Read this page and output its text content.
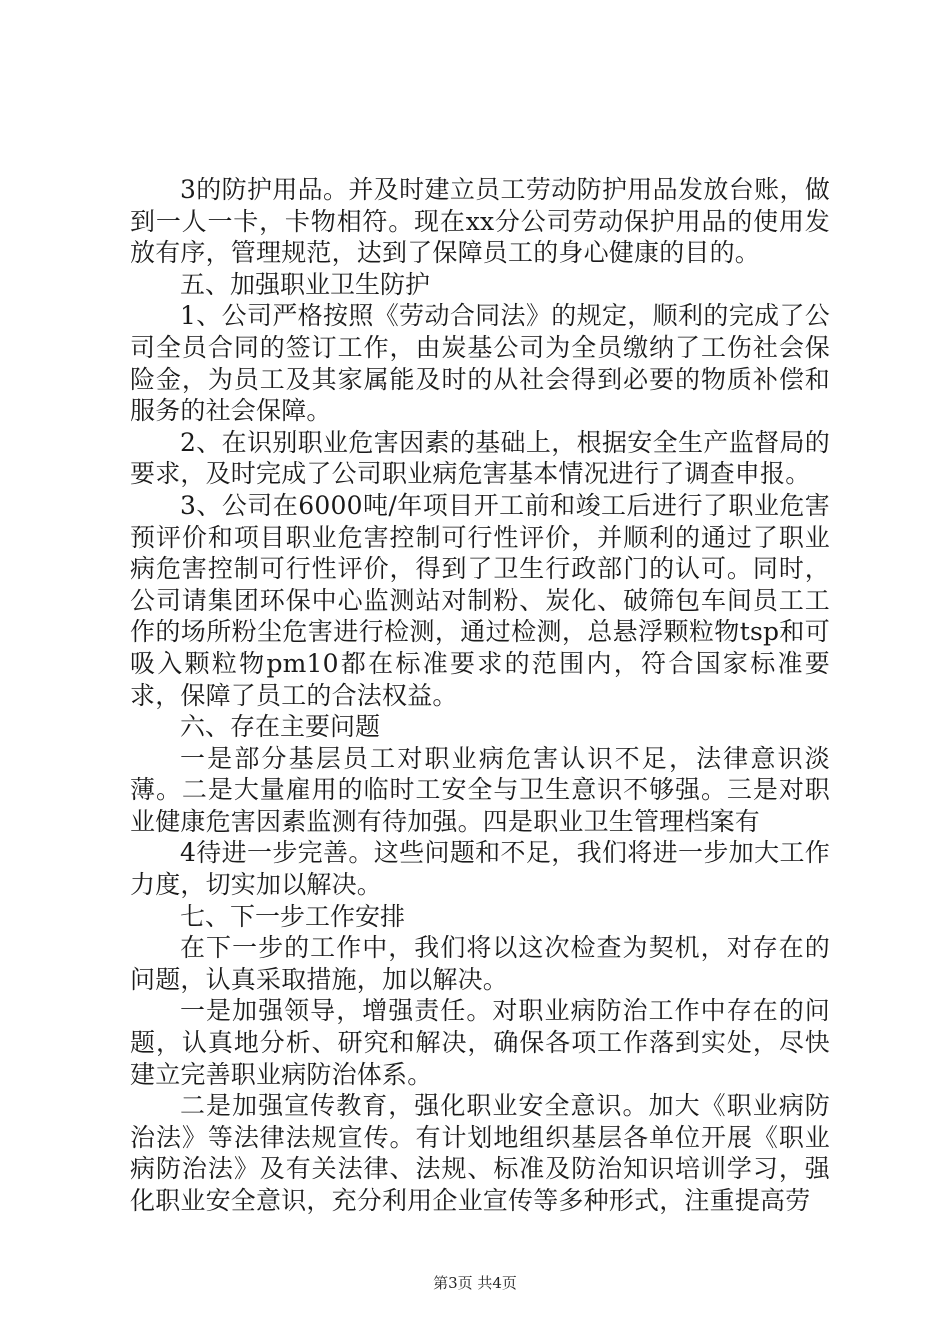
3的防护用品。并及时建立员工劳动防护用品发放台账，做到一人一卡，卡物相符。现在xx分公司劳动保护用品的使用发放有序，管理规范，达到了保障员工的身心健康的目的。

五、加强职业卫生防护

1、公司严格按照《劳动合同法》的规定，顺利的完成了公司全员合同的签订工作，由炭基公司为全员缴纳了工伤社会保险金，为员工及其家属能及时的从社会得到必要的物质补偿和服务的社会保障。

2、在识别职业危害因素的基础上，根据安全生产监督局的要求，及时完成了公司职业病危害基本情况进行了调查申报。

3、公司在6000吨/年项目开工前和竣工后进行了职业危害预评价和项目职业危害控制可行性评价，并顺利的通过了职业病危害控制可行性评价，得到了卫生行政部门的认可。同时，公司请集团环保中心监测站对制粉、炭化、破筛包车间员工工作的场所粉尘危害进行检测，通过检测，总悬浮颗粒物tsp和可吸入颗粒物pm10都在标准要求的范围内，符合国家标准要求，保障了员工的合法权益。

六、存在主要问题

一是部分基层员工对职业病危害认识不足，法律意识淡薄。二是大量雇用的临时工安全与卫生意识不够强。三是对职业健康危害因素监测有待加强。四是职业卫生管理档案有

4待进一步完善。这些问题和不足，我们将进一步加大工作力度，切实加以解决。

七、下一步工作安排

在下一步的工作中，我们将以这次检查为契机，对存在的问题，认真采取措施，加以解决。

一是加强领导，增强责任。对职业病防治工作中存在的问题，认真地分析、研究和解决，确保各项工作落到实处，尽快建立完善职业病防治体系。

二是加强宣传教育，强化职业安全意识。加大《职业病防治法》等法律法规宣传。有计划地组织基层各单位开展《职业病防治法》及有关法律、法规、标准及防治知识培训学习，强化职业安全意识，充分利用企业宣传等多种形式，注重提高劳

第3页 共4页
